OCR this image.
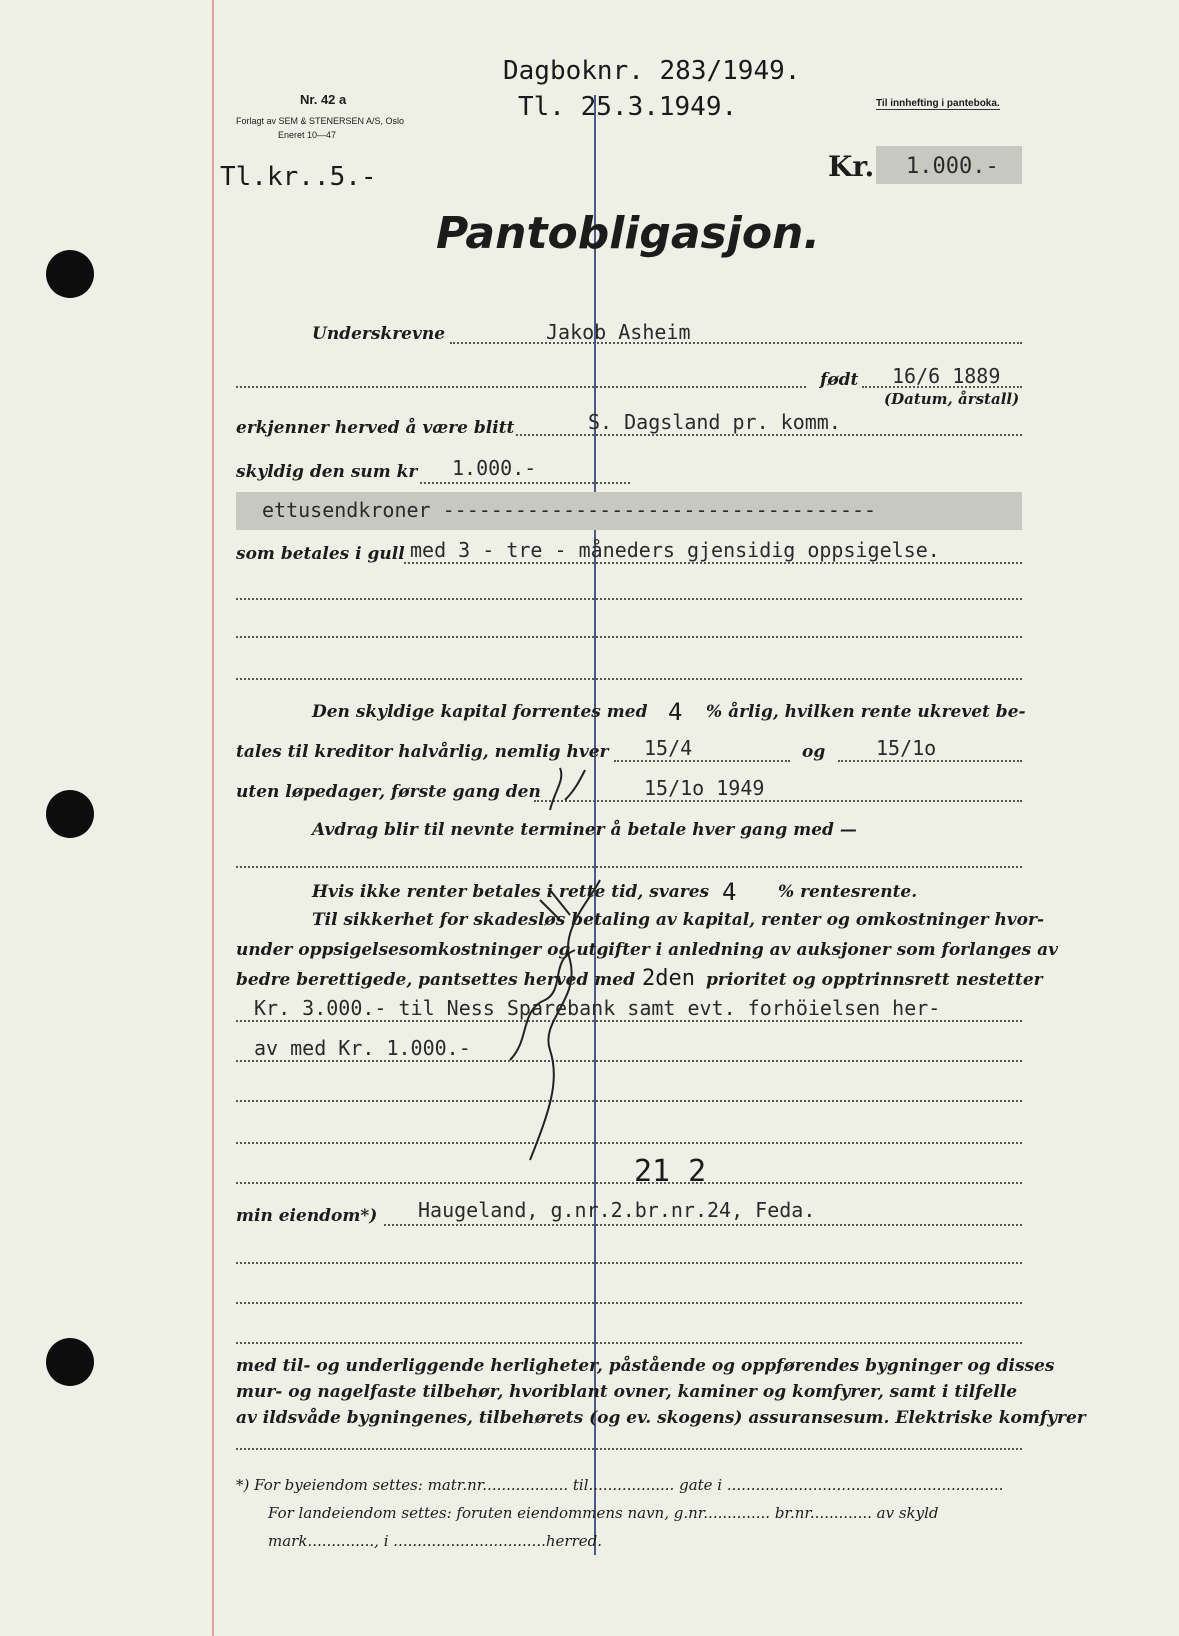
Dagboknr. 283/1949.
Tl. 25.3.1949.
Nr. 42 a
Forlagt av SEM & STENERSEN A/S, Oslo
Eneret 10—47
Til innhefting i panteboka.
Tl.kr..5.-	Kr. 1.000.-
Pantobligasjon.
Underskrevne	Jakob Asheim
født 16/6 1889
(Datum, årstall)
erkjenner herved å være blitt	S. Dagsland pr. komm.
skyldig den sum kr 1.000.-
ettusendkroner ------------------------------------
som betales i gull med 3 - tre - måneders gjensidig oppsigelse.
Den skyldige kapital forrentes med 4 % årlig, hvilken rente ukrevet be-
tales til kreditor halvårlig, nemlig hver 15/4	og	15/1o
uten løpedager, første gang den	15/1o 1949
Avdrag blir til nevnte terminer å betale hver gang med —
Hvis ikke renter betales i rette tid, svares 4 % rentesrente.
Til sikkerhet for skadesløs betaling av kapital, renter og omkostninger hvor-
under oppsigelsesomkostninger og utgifter i anledning av auksjoner som forlanges av
bedre berettigede, pantsettes herved med 2den prioritet og opptrinnsrett nestetter
Kr. 3.000.- til Ness Sparebank samt evt. forhöielsen her-
av med Kr. 1.000.-
21 2
min eiendom*) Haugeland, g.nr.2.br.nr.24, Feda.
med til- og underliggende herligheter, påstående og oppførendes bygninger og disses
mur- og nagelfaste tilbehør, hvoriblant ovner, kaminer og komfyrer, samt i tilfelle
av ildsvåde bygningenes, tilbehørets (og ev. skogens) assuransesum. Elektriske komfyrer
*) For byeiendom settes: matr.nr.................. til.................. gate i ..........................................................
For landeiendom settes: foruten eiendommens navn, g.nr.............. br.nr............. av skyld
mark.............., i ................................herred.
